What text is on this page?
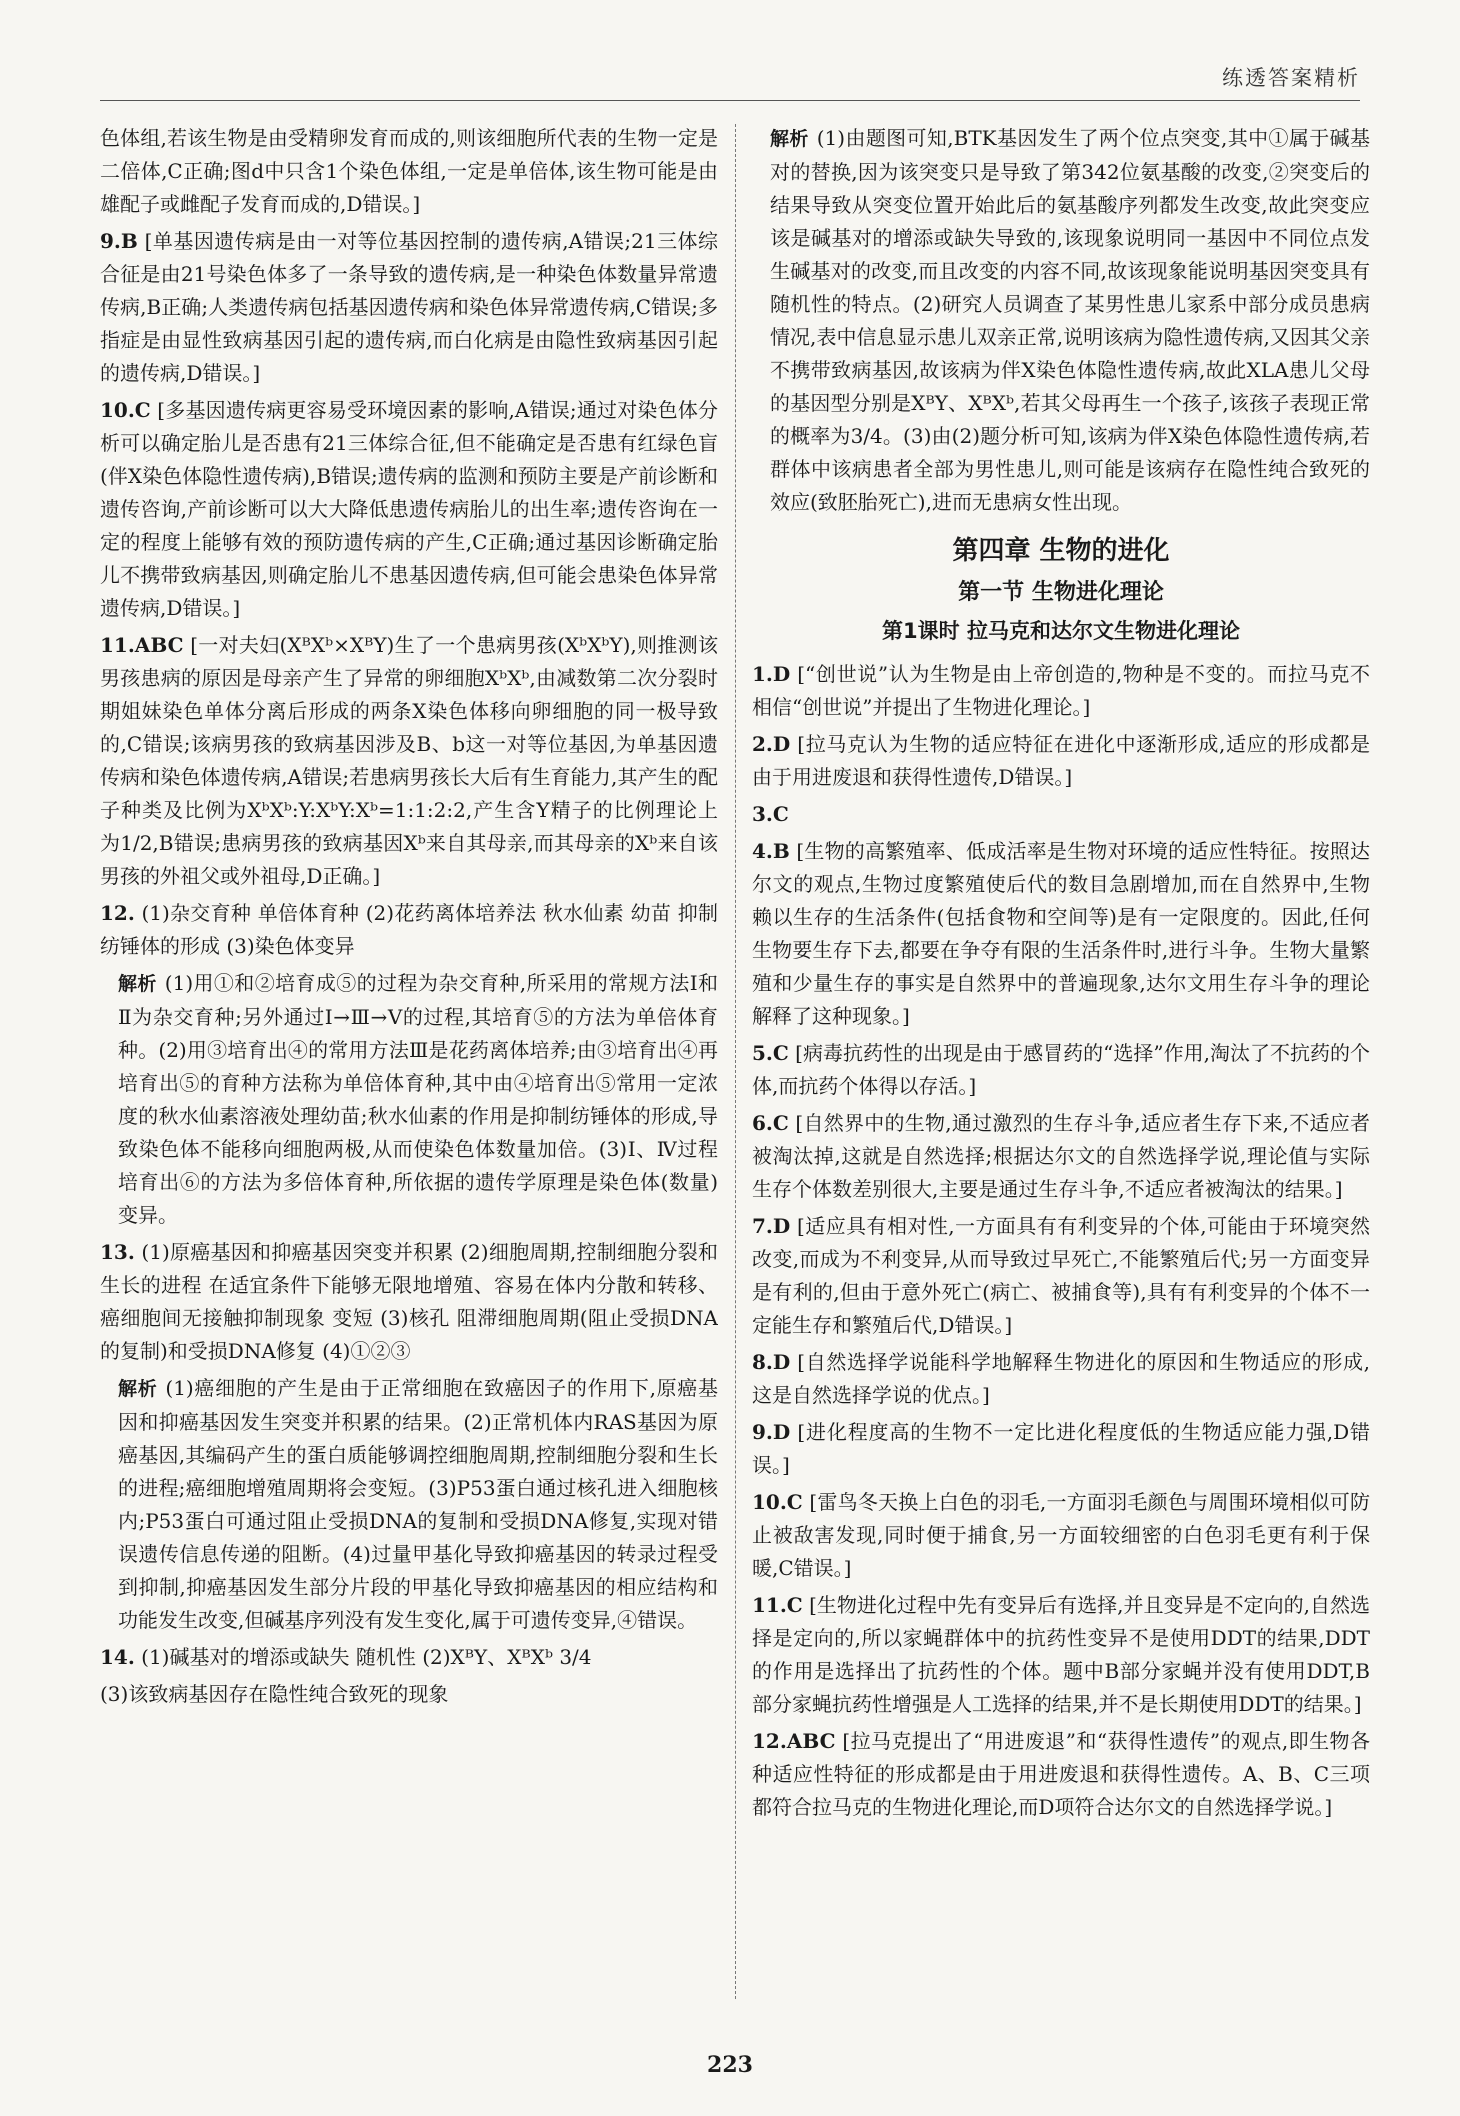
练透答案精析
色体组,若该生物是由受精卵发育而成的,则该细胞所代表的生物一定是二倍体,C正确;图d中只含1个染色体组,一定是单倍体,该生物可能是由雄配子或雌配子发育而成的,D错误。]
9.B [单基因遗传病是由一对等位基因控制的遗传病,A错误;21三体综合征是由21号染色体多了一条导致的遗传病,是一种染色体数量异常遗传病,B正确;人类遗传病包括基因遗传病和染色体异常遗传病,C错误;多指症是由显性致病基因引起的遗传病,而白化病是由隐性致病基因引起的遗传病,D错误。]
10.C [多基因遗传病更容易受环境因素的影响,A错误;通过对染色体分析可以确定胎儿是否患有21三体综合征,但不能确定是否患有红绿色盲(伴X染色体隐性遗传病),B错误;遗传病的监测和预防主要是产前诊断和遗传咨询,产前诊断可以大大降低患遗传病胎儿的出生率;遗传咨询在一定的程度上能够有效的预防遗传病的产生,C正确;通过基因诊断确定胎儿不携带致病基因,则确定胎儿不患基因遗传病,但可能会患染色体异常遗传病,D错误。]
11.ABC [一对夫妇(XᴮXᵇ×XᴮY)生了一个患病男孩(XᵇXᵇY),则推测该男孩患病的原因是母亲产生了异常的卵细胞XᵇXᵇ,由减数第二次分裂时期姐妹染色单体分离后形成的两条X染色体移向卵细胞的同一极导致的,C错误;该病男孩的致病基因涉及B、b这一对等位基因,为单基因遗传病和染色体遗传病,A错误;若患病男孩长大后有生育能力,其产生的配子种类及比例为XᵇXᵇ:Y:XᵇY:Xᵇ=1:1:2:2,产生含Y精子的比例理论上为1/2,B错误;患病男孩的致病基因Xᵇ来自其母亲,而其母亲的Xᵇ来自该男孩的外祖父或外祖母,D正确。]
12. (1)杂交育种 单倍体育种 (2)花药离体培养法 秋水仙素 幼苗 抑制纺锤体的形成 (3)染色体变异
解析 (1)用①和②培育成⑤的过程为杂交育种,所采用的常规方法Ⅰ和Ⅱ为杂交育种;另外通过Ⅰ→Ⅲ→Ⅴ的过程,其培育⑤的方法为单倍体育种。(2)用③培育出④的常用方法Ⅲ是花药离体培养;由③培育出④再培育出⑤的育种方法称为单倍体育种,其中由④培育出⑤常用一定浓度的秋水仙素溶液处理幼苗;秋水仙素的作用是抑制纺锤体的形成,导致染色体不能移向细胞两极,从而使染色体数量加倍。(3)Ⅰ、Ⅳ过程培育出⑥的方法为多倍体育种,所依据的遗传学原理是染色体(数量)变异。
13. (1)原癌基因和抑癌基因突变并积累 (2)细胞周期,控制细胞分裂和生长的进程 在适宜条件下能够无限地增殖、容易在体内分散和转移、癌细胞间无接触抑制现象 变短 (3)核孔 阻滞细胞周期(阻止受损DNA的复制)和受损DNA修复 (4)①②③
解析 (1)癌细胞的产生是由于正常细胞在致癌因子的作用下,原癌基因和抑癌基因发生突变并积累的结果。(2)正常机体内RAS基因为原癌基因,其编码产生的蛋白质能够调控细胞周期,控制细胞分裂和生长的进程;癌细胞增殖周期将会变短。(3)P53蛋白通过核孔进入细胞核内;P53蛋白可通过阻止受损DNA的复制和受损DNA修复,实现对错误遗传信息传递的阻断。(4)过量甲基化导致抑癌基因的转录过程受到抑制,抑癌基因发生部分片段的甲基化导致抑癌基因的相应结构和功能发生改变,但碱基序列没有发生变化,属于可遗传变异,④错误。
14. (1)碱基对的增添或缺失 随机性 (2)XᴮY、XᴮXᵇ 3/4
(3)该致病基因存在隐性纯合致死的现象
解析 (1)由题图可知,BTK基因发生了两个位点突变,其中①属于碱基对的替换,因为该突变只是导致了第342位氨基酸的改变,②突变后的结果导致从突变位置开始此后的氨基酸序列都发生改变,故此突变应该是碱基对的增添或缺失导致的,该现象说明同一基因中不同位点发生碱基对的改变,而且改变的内容不同,故该现象能说明基因突变具有随机性的特点。(2)研究人员调查了某男性患儿家系中部分成员患病情况,表中信息显示患儿双亲正常,说明该病为隐性遗传病,又因其父亲不携带致病基因,故该病为伴X染色体隐性遗传病,故此XLA患儿父母的基因型分别是XᴮY、XᴮXᵇ,若其父母再生一个孩子,该孩子表现正常的概率为3/4。(3)由(2)题分析可知,该病为伴X染色体隐性遗传病,若群体中该病患者全部为男性患儿,则可能是该病存在隐性纯合致死的效应(致胚胎死亡),进而无患病女性出现。
第四章 生物的进化
第一节 生物进化理论
第1课时 拉马克和达尔文生物进化理论
1.D [“创世说”认为生物是由上帝创造的,物种是不变的。而拉马克不相信“创世说”并提出了生物进化理论。]
2.D [拉马克认为生物的适应特征在进化中逐渐形成,适应的形成都是由于用进废退和获得性遗传,D错误。]
3.C
4.B [生物的高繁殖率、低成活率是生物对环境的适应性特征。按照达尔文的观点,生物过度繁殖使后代的数目急剧增加,而在自然界中,生物赖以生存的生活条件(包括食物和空间等)是有一定限度的。因此,任何生物要生存下去,都要在争夺有限的生活条件时,进行斗争。生物大量繁殖和少量生存的事实是自然界中的普遍现象,达尔文用生存斗争的理论解释了这种现象。]
5.C [病毒抗药性的出现是由于感冒药的“选择”作用,淘汰了不抗药的个体,而抗药个体得以存活。]
6.C [自然界中的生物,通过激烈的生存斗争,适应者生存下来,不适应者被淘汰掉,这就是自然选择;根据达尔文的自然选择学说,理论值与实际生存个体数差别很大,主要是通过生存斗争,不适应者被淘汰的结果。]
7.D [适应具有相对性,一方面具有有利变异的个体,可能由于环境突然改变,而成为不利变异,从而导致过早死亡,不能繁殖后代;另一方面变异是有利的,但由于意外死亡(病亡、被捕食等),具有有利变异的个体不一定能生存和繁殖后代,D错误。]
8.D [自然选择学说能科学地解释生物进化的原因和生物适应的形成,这是自然选择学说的优点。]
9.D [进化程度高的生物不一定比进化程度低的生物适应能力强,D错误。]
10.C [雷鸟冬天换上白色的羽毛,一方面羽毛颜色与周围环境相似可防止被敌害发现,同时便于捕食,另一方面较细密的白色羽毛更有利于保暖,C错误。]
11.C [生物进化过程中先有变异后有选择,并且变异是不定向的,自然选择是定向的,所以家蝇群体中的抗药性变异不是使用DDT的结果,DDT的作用是选择出了抗药性的个体。题中B部分家蝇并没有使用DDT,B部分家蝇抗药性增强是人工选择的结果,并不是长期使用DDT的结果。]
12.ABC [拉马克提出了“用进废退”和“获得性遗传”的观点,即生物各种适应性特征的形成都是由于用进废退和获得性遗传。A、B、C三项都符合拉马克的生物进化理论,而D项符合达尔文的自然选择学说。]
223
